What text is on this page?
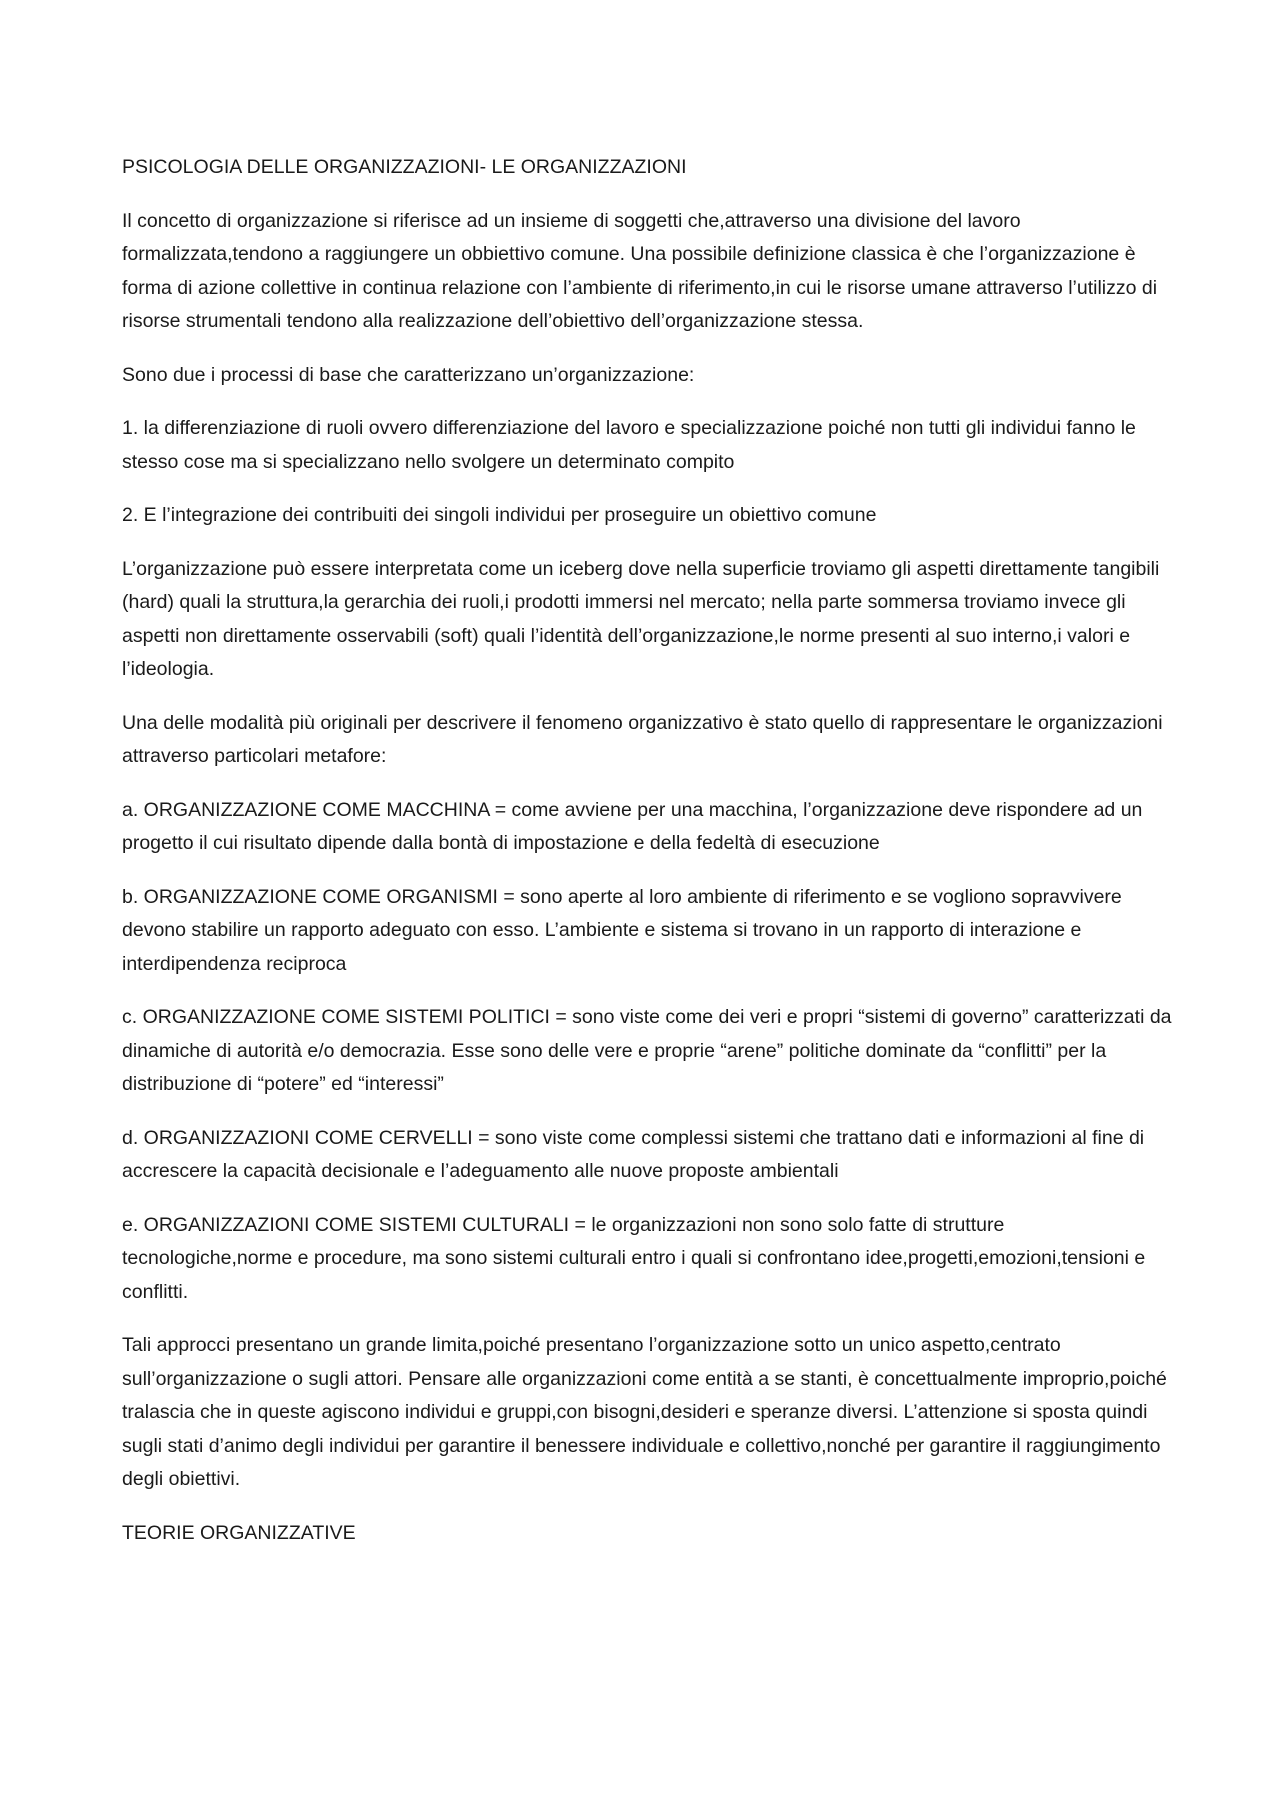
PSICOLOGIA DELLE ORGANIZZAZIONI- LE ORGANIZZAZIONI

Il concetto di organizzazione si riferisce ad un insieme di soggetti che,attraverso una divisione del lavoro formalizzata,tendono a raggiungere un obbiettivo comune. Una possibile definizione classica è che l’organizzazione è forma di azione collettive in continua relazione con l’ambiente di riferimento,in cui le risorse umane attraverso l’utilizzo di risorse strumentali tendono alla realizzazione dell’obiettivo dell’organizzazione stessa.

Sono due i processi di base che caratterizzano un’organizzazione:

1. la differenziazione di ruoli ovvero differenziazione del lavoro e specializzazione poiché non tutti gli individui fanno le stesso cose ma si specializzano nello svolgere un determinato compito

2. E l’integrazione dei contribuiti dei singoli individui per proseguire un obiettivo comune

L’organizzazione può essere interpretata come un iceberg dove nella superficie troviamo gli aspetti direttamente tangibili (hard) quali la struttura,la gerarchia dei ruoli,i prodotti immersi nel mercato; nella parte sommersa troviamo invece gli aspetti non direttamente osservabili (soft) quali l’identità dell’organizzazione,le norme presenti al suo interno,i valori e l’ideologia.

Una delle modalità più originali per descrivere il fenomeno organizzativo è stato quello di rappresentare le organizzazioni attraverso particolari metafore:

a. ORGANIZZAZIONE COME MACCHINA = come avviene per una macchina, l’organizzazione deve rispondere ad un progetto il cui risultato dipende dalla bontà di impostazione e della fedeltà di esecuzione

b. ORGANIZZAZIONE COME ORGANISMI = sono aperte al loro ambiente di riferimento e se vogliono sopravvivere devono stabilire un rapporto adeguato con esso. L’ambiente e sistema si trovano in un rapporto di interazione e interdipendenza reciproca

c. ORGANIZZAZIONE COME SISTEMI POLITICI = sono viste come dei veri e propri “sistemi di governo” caratterizzati da dinamiche di autorità e/o democrazia. Esse sono delle vere e proprie “arene” politiche dominate da “conflitti” per la distribuzione di “potere” ed “interessi”

d. ORGANIZZAZIONI COME CERVELLI = sono viste come complessi sistemi che trattano dati e informazioni al fine di accrescere la capacità decisionale e l’adeguamento alle nuove proposte ambientali

e. ORGANIZZAZIONI COME SISTEMI CULTURALI = le organizzazioni non sono solo fatte di strutture tecnologiche,norme e procedure, ma sono sistemi culturali entro i quali si confrontano idee,progetti,emozioni,tensioni e conflitti.

Tali approcci presentano un grande limita,poiché presentano l’organizzazione sotto un unico aspetto,centrato sull’organizzazione o sugli attori. Pensare alle organizzazioni come entità a se stanti, è concettualmente improprio,poiché tralascia che in queste agiscono individui e gruppi,con bisogni,desideri e speranze diversi. L’attenzione si sposta quindi sugli stati d’animo degli individui per garantire il benessere individuale e collettivo,nonché per garantire il raggiungimento degli obiettivi.

TEORIE ORGANIZZATIVE
